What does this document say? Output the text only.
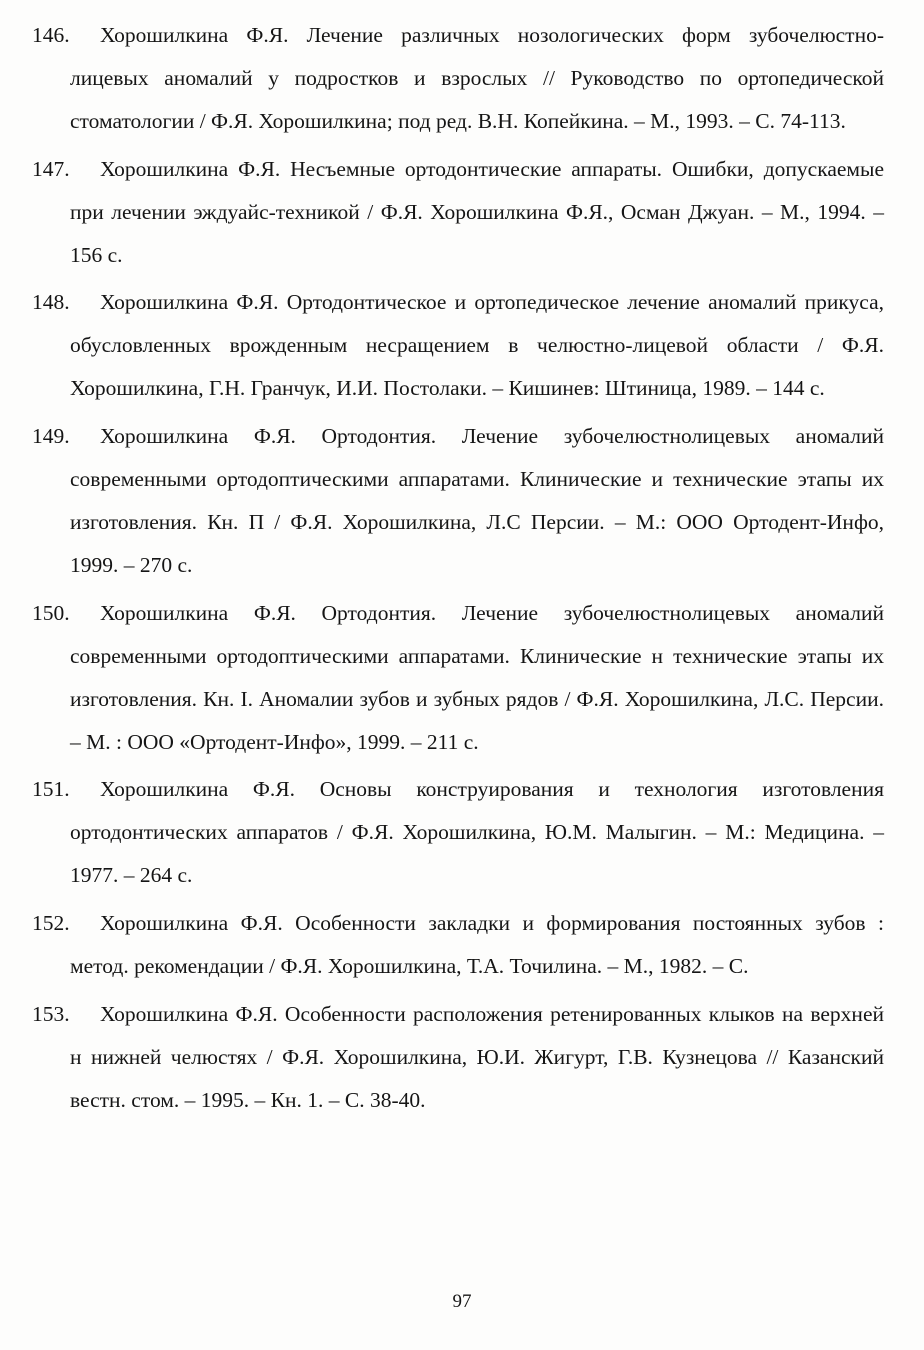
146.	Хорошилкина Ф.Я. Лечение различных нозологических форм зубочелюстно-лицевых аномалий у подростков и взрослых // Руководство по ортопедической стоматологии / Ф.Я. Хорошилкина; под ред. В.Н. Копейкина. – М., 1993. – С. 74-113.
147.	Хорошилкина Ф.Я. Несъемные ортодонтические аппараты. Ошибки, допускаемые при лечении эждуайс-техникой / Ф.Я. Хорошилкина Ф.Я., Осман Джуан. – М., 1994. – 156 с.
148.	Хорошилкина Ф.Я. Ортодонтическое и ортопедическое лечение аномалий прикуса, обусловленных врожденным несращением в челюстно-лицевой области / Ф.Я. Хорошилкина, Г.Н. Гранчук, И.И. Постолаки. – Кишинев: Штиница, 1989. – 144 с.
149.	Хорошилкина Ф.Я. Ортодонтия. Лечение зубочелюстнолицевых аномалий современными ортодоптическими аппаратами. Клинические и технические этапы их изготовления. Кн. П / Ф.Я. Хорошилкина, Л.С Персии. – М.: ООО Ортодент-Инфо, 1999. – 270 с.
150.	Хорошилкина Ф.Я. Ортодонтия. Лечение зубочелюстнолицевых аномалий современными ортодоптическими аппаратами. Клинические н технические этапы их изготовления. Кн. I. Аномалии зубов и зубных рядов / Ф.Я. Хорошилкина, Л.С. Персии. – М. : ООО «Ортодент-Инфо», 1999. – 211 с.
151.	Хорошилкина Ф.Я. Основы конструирования и технология изготовления ортодонтических аппаратов / Ф.Я. Хорошилкина, Ю.М. Малыгин. – М.: Медицина. – 1977. – 264 с.
152.	Хорошилкина Ф.Я. Особенности закладки и формирования постоянных зубов : метод. рекомендации / Ф.Я. Хорошилкина, Т.А. Точилина. – М., 1982. – С.
153.	Хорошилкина Ф.Я. Особенности расположения ретенированных клыков на верхней н нижней челюстях / Ф.Я. Хорошилкина, Ю.И. Жигурт, Г.В. Кузнецова // Казанский вестн. стом. – 1995. – Кн. 1. – С. 38-40.
97
